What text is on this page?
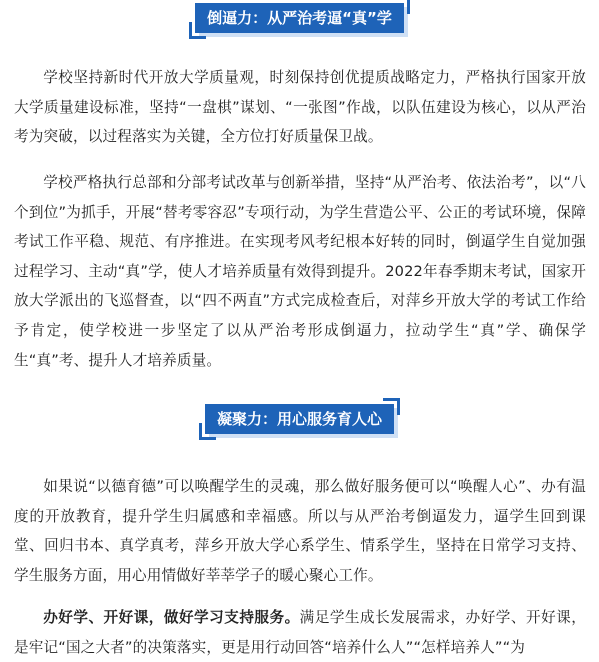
倒逼力：从严治考逼“真”学

学校坚持新时代开放大学质量观，时刻保持创优提质战略定力，严格执行国家开放大学质量建设标准，坚持“一盘棋”谋划、“一张图”作战，以队伍建设为核心，以从严治考为突破，以过程落实为关键，全方位打好质量保卫战。

学校严格执行总部和分部考试改革与创新举措，坚持“从严治考、依法治考”，以“八个到位”为抓手，开展“替考零容忍”专项行动，为学生营造公平、公正的考试环境，保障考试工作平稳、规范、有序推进。在实现考风考纪根本好转的同时，倒逼学生自觉加强过程学习、主动“真”学，使人才培养质量有效得到提升。2022年春季期末考试，国家开放大学派出的飞巡督查，以“四不两直”方式完成检查后，对萍乡开放大学的考试工作给予肯定，使学校进一步坚定了以从严治考形成倒逼力，拉动学生“真”学、确保学生“真”考、提升人才培养质量。

凝聚力：用心服务育人心

如果说“以德育德”可以唤醒学生的灵魂，那么做好服务便可以“唤醒人心”、办有温度的开放教育，提升学生归属感和幸福感。所以与从严治考倒逼发力，逼学生回到课堂、回归书本、真学真考，萍乡开放大学心系学生、情系学生，坚持在日常学习支持、学生服务方面，用心用情做好莘莘学子的暖心聚心工作。

办好学、开好课，做好学习支持服务。满足学生成长发展需求，办好学、开好课，是牢记“国之大者”的决策落实，更是用行动回答“培养什么人”“怎样培养人”“为
